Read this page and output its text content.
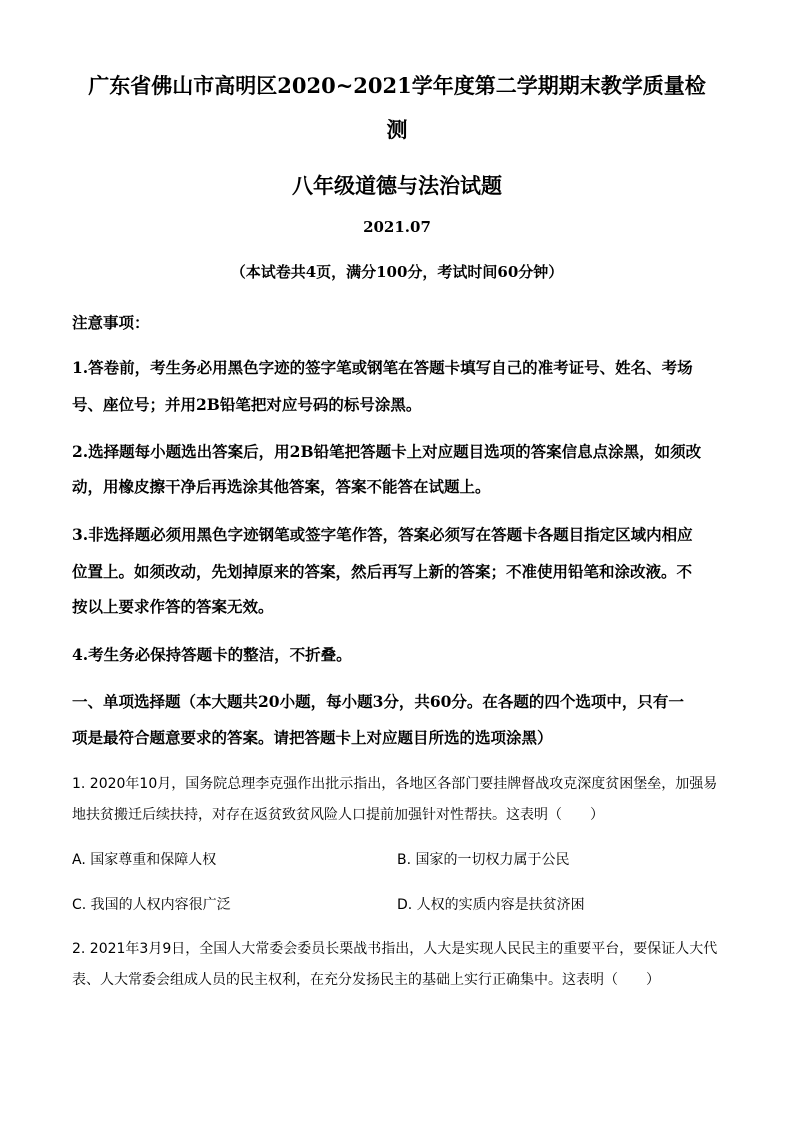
广东省佛山市高明区2020~2021学年度第二学期期末教学质量检
测
八年级道德与法治试题
2021.07
（本试卷共4页，满分100分，考试时间60分钟）
注意事项：
1.答卷前，考生务必用黑色字迹的签字笔或钢笔在答题卡填写自己的准考证号、姓名、考场
号、座位号；并用2B铅笔把对应号码的标号涂黑。
2.选择题每小题选出答案后，用2B铅笔把答题卡上对应题目选项的答案信息点涂黑，如须改
动，用橡皮擦干净后再选涂其他答案，答案不能答在试题上。
3.非选择题必须用黑色字迹钢笔或签字笔作答，答案必须写在答题卡各题目指定区域内相应
位置上。如须改动，先划掉原来的答案，然后再写上新的答案；不准使用铅笔和涂改液。不
按以上要求作答的答案无效。
4.考生务必保持答题卡的整洁，不折叠。
一、单项选择题（本大题共20小题，每小题3分，共60分。在各题的四个选项中，只有一
项是最符合题意要求的答案。请把答题卡上对应题目所选的选项涂黑）
1. 2020年10月，国务院总理李克强作出批示指出，各地区各部门要挂牌督战攻克深度贫困堡垒，加强易
地扶贫搬迁后续扶持，对存在返贫致贫风险人口提前加强针对性帮扶。这表明（　　）
A. 国家尊重和保障人权	B. 国家的一切权力属于公民
C. 我国的人权内容很广泛	D. 人权的实质内容是扶贫济困
2. 2021年3月9日，全国人大常委会委员长栗战书指出，人大是实现人民民主的重要平台，要保证人大代
表、人大常委会组成人员的民主权利，在充分发扬民主的基础上实行正确集中。这表明（　　）
